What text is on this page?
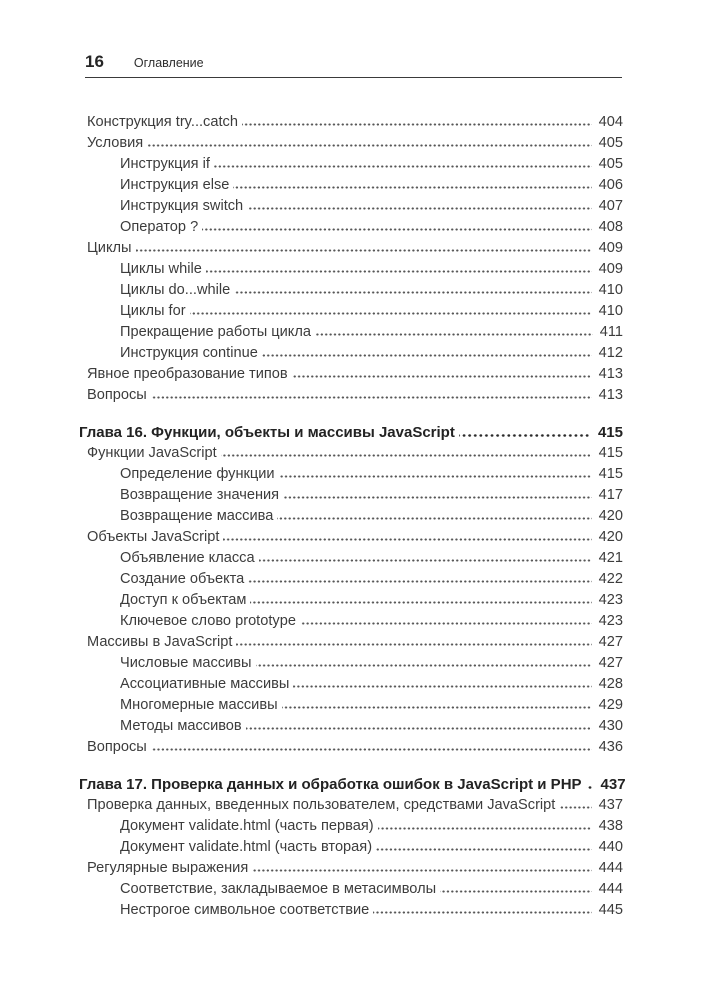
16 Оглавление
Конструкция try...catch	404
Условия	405
Инструкция if	405
Инструкция else	406
Инструкция switch	407
Оператор ?	408
Циклы	409
Циклы while	409
Циклы do...while	410
Циклы for	410
Прекращение работы цикла	411
Инструкция continue	412
Явное преобразование типов	413
Вопросы	413
Глава 16. Функции, объекты и массивы JavaScript	415
Функции JavaScript	415
Определение функции	415
Возвращение значения	417
Возвращение массива	420
Объекты JavaScript	420
Объявление класса	421
Создание объекта	422
Доступ к объектам	423
Ключевое слово prototype	423
Массивы в JavaScript	427
Числовые массивы	427
Ассоциативные массивы	428
Многомерные массивы	429
Методы массивов	430
Вопросы	436
Глава 17. Проверка данных и обработка ошибок в JavaScript и PHP 437
Проверка данных, введенных пользователем, средствами JavaScript	437
Документ validate.html (часть первая)	438
Документ validate.html (часть вторая)	440
Регулярные выражения	444
Соответствие, закладываемое в метасимволы	444
Нестрогое символьное соответствие	445
